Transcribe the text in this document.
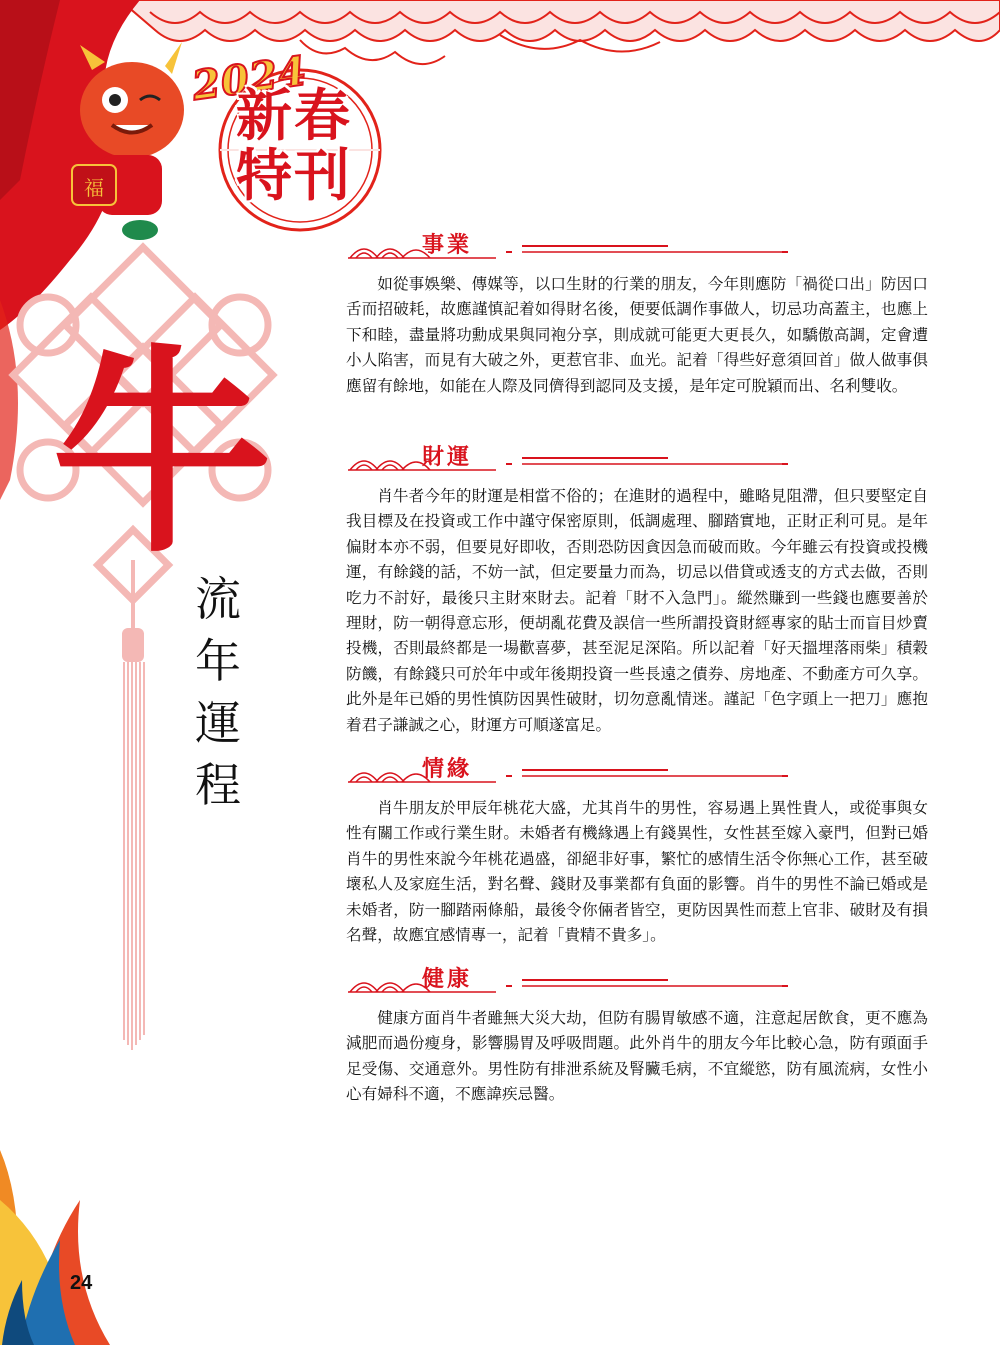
福
2024
新春
特刊
牛
流
年
運
程
事業

如從事娛樂、傳媒等，以口生財的行業的朋友，今年則應防「禍從口出」防因口舌而招破耗，故應謹慎記着如得財名後，便要低調作事做人，切忌功高蓋主，也應上下和睦，盡量將功勳成果與同袍分享，則成就可能更大更長久，如驕傲高調，定會遭小人陷害，而見有大破之外，更惹官非、血光。記着「得些好意須回首」做人做事俱應留有餘地，如能在人際及同儕得到認同及支援，是年定可脫穎而出、名利雙收。

財運

肖牛者今年的財運是相當不俗的；在進財的過程中，雖略見阻滯，但只要堅定自我目標及在投資或工作中謹守保密原則，低調處理、腳踏實地，正財正利可見。是年偏財本亦不弱，但要見好即收，否則恐防因貪因急而破而敗。今年雖云有投資或投機運，有餘錢的話，不妨一試，但定要量力而為，切忌以借貸或透支的方式去做，否則吃力不討好，最後只主財來財去。記着「財不入急門」。縱然賺到一些錢也應要善於理財，防一朝得意忘形，便胡亂花費及誤信一些所謂投資財經專家的貼士而盲目炒賣投機，否則最終都是一場歡喜夢，甚至泥足深陷。所以記着「好天搵埋落雨柴」積穀防饑，有餘錢只可於年中或年後期投資一些長遠之債券、房地產、不動產方可久享。此外是年已婚的男性慎防因異性破財，切勿意亂情迷。謹記「色字頭上一把刀」應抱着君子謙誠之心，財運方可順遂富足。

情緣

肖牛朋友於甲辰年桃花大盛，尤其肖牛的男性，容易遇上異性貴人，或從事與女性有關工作或行業生財。未婚者有機緣遇上有錢異性，女性甚至嫁入豪門，但對已婚肖牛的男性來說今年桃花過盛，卻絕非好事，繁忙的感情生活令你無心工作，甚至破壞私人及家庭生活，對名聲、錢財及事業都有負面的影響。肖牛的男性不論已婚或是未婚者，防一腳踏兩條船，最後令你倆者皆空，更防因異性而惹上官非、破財及有損名聲，故應宜感情專一，記着「貴精不貴多」。

健康

健康方面肖牛者雖無大災大劫，但防有腸胃敏感不適，注意起居飲食，更不應為減肥而過份瘦身，影響腸胃及呼吸問題。此外肖牛的朋友今年比較心急，防有頭面手足受傷、交通意外。男性防有排泄系統及腎臟毛病，不宜縱慾，防有風流病，女性小心有婦科不適，不應諱疾忌醫。

24
